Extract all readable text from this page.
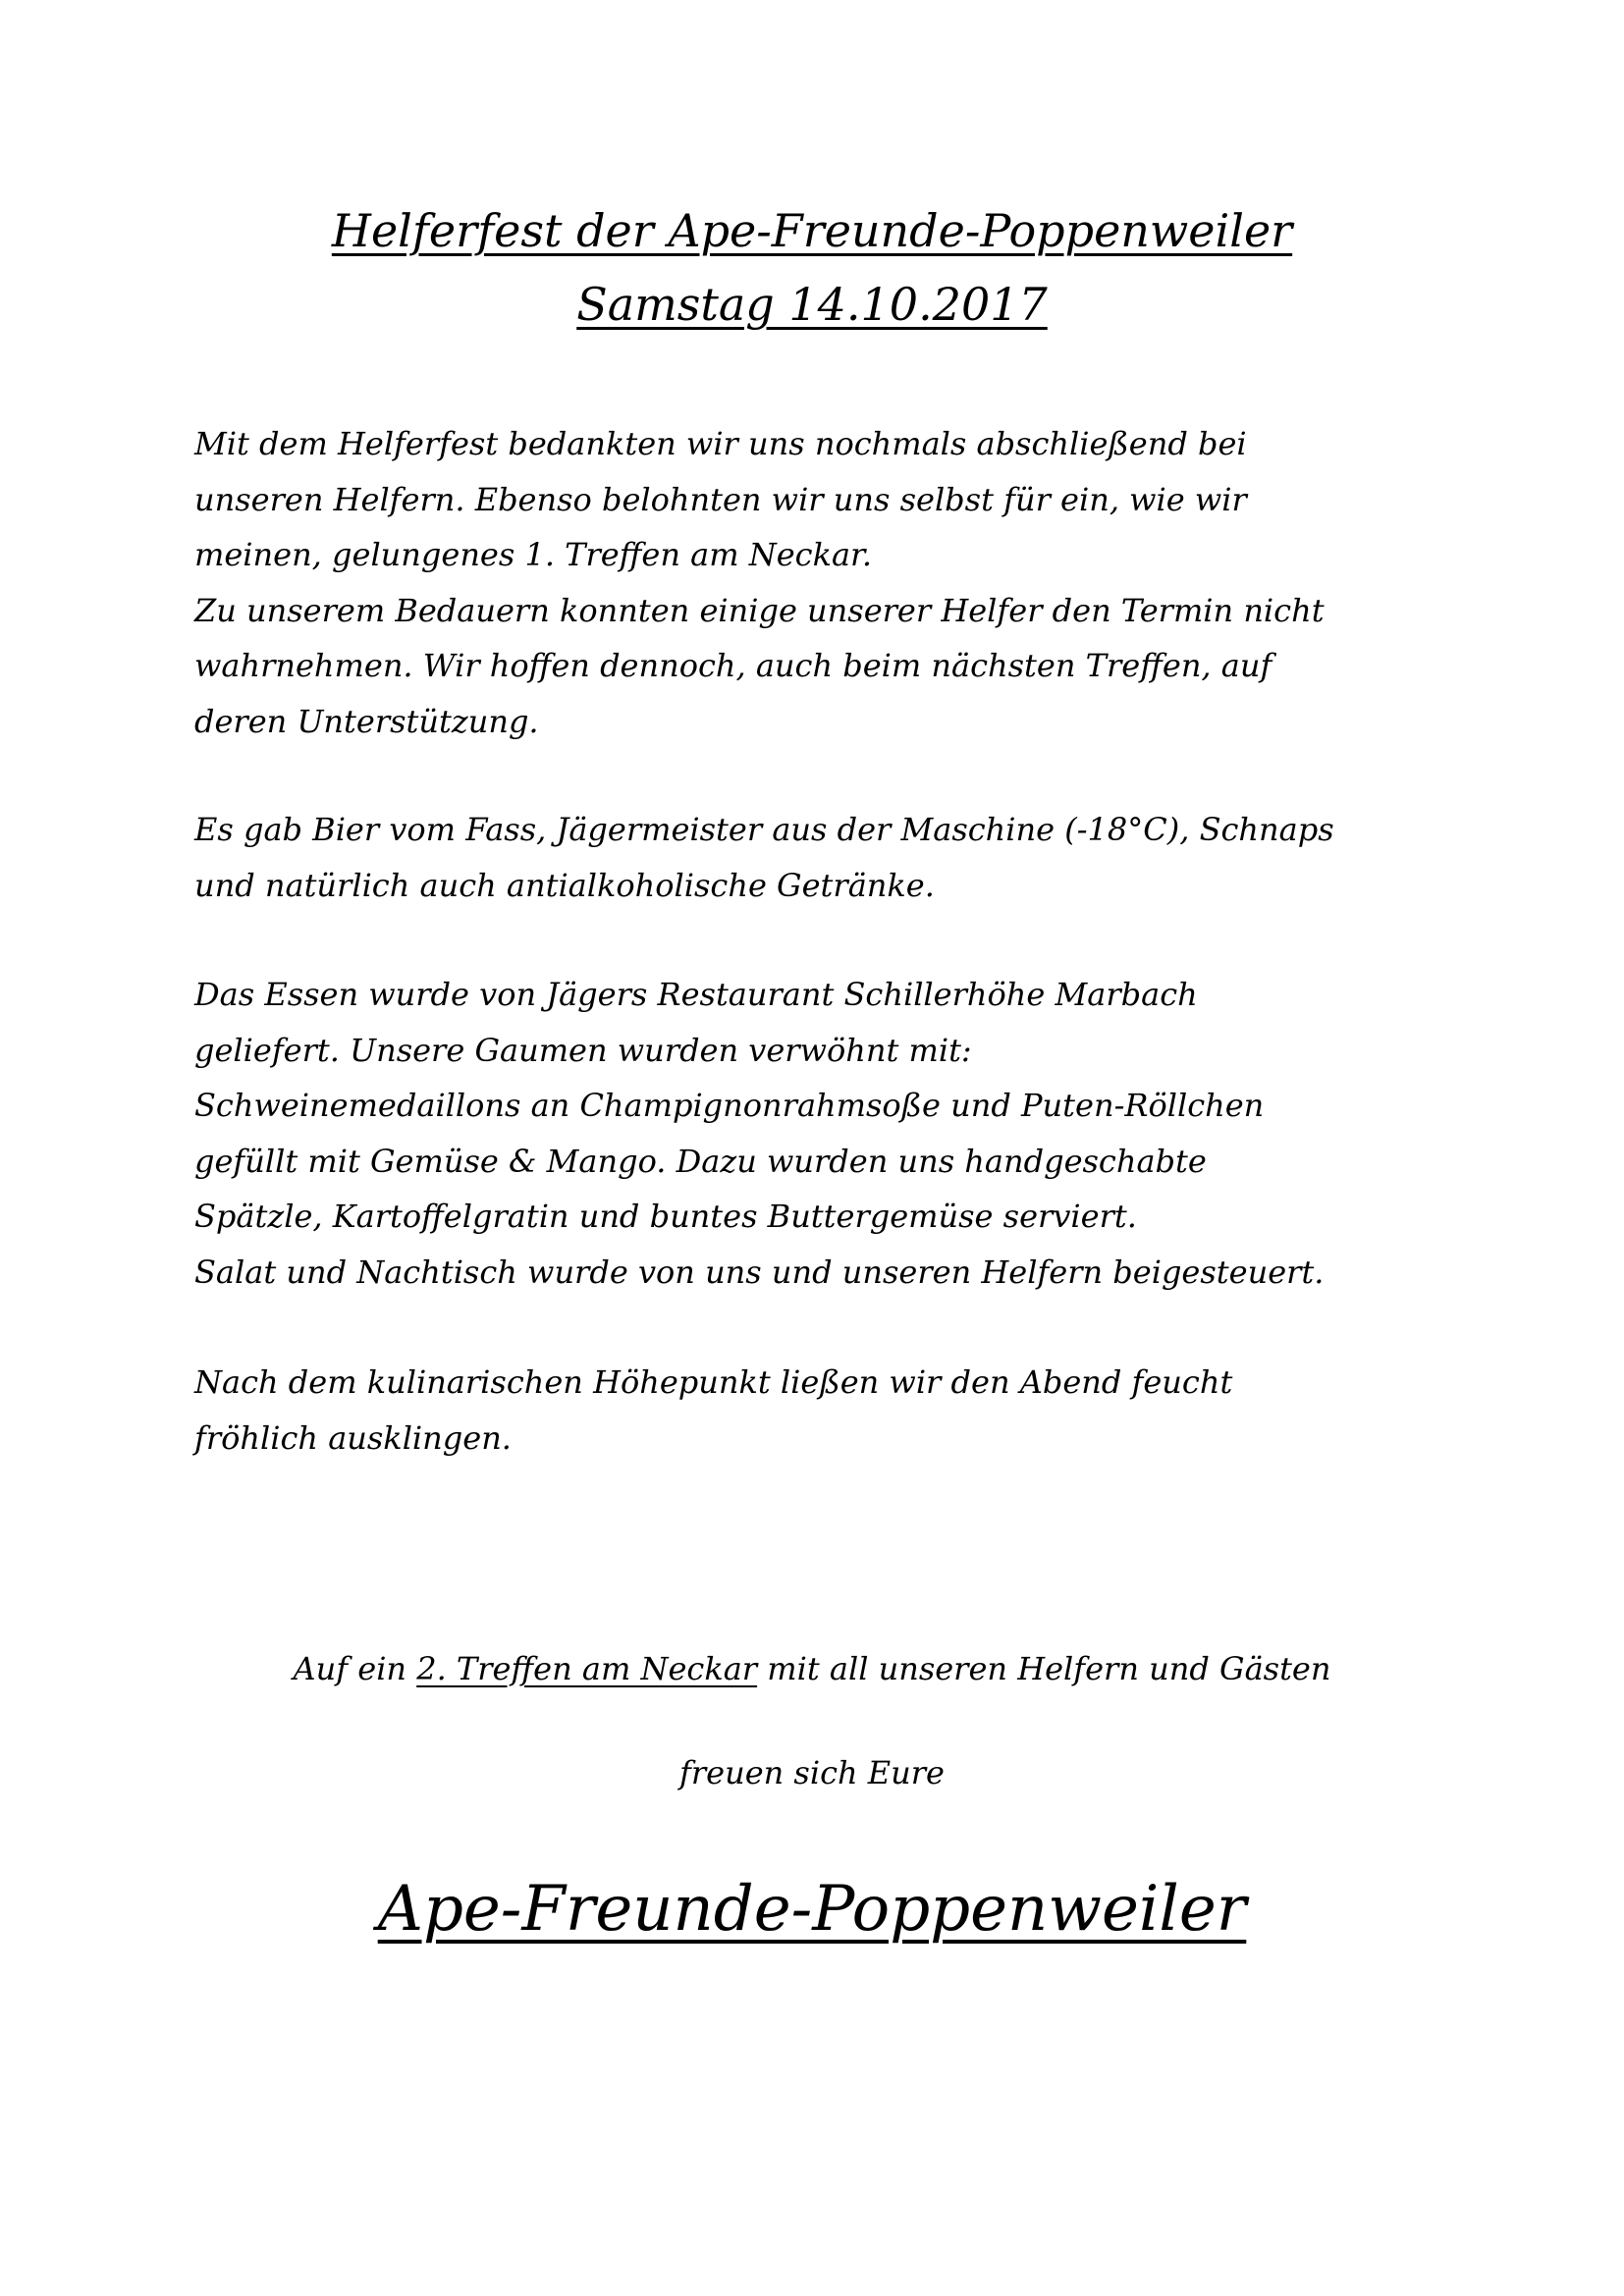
Helferfest der Ape-Freunde-Poppenweiler
Samstag 14.10.2017
Mit dem Helferfest bedankten wir uns nochmals abschließend bei
unseren Helfern. Ebenso belohnten wir uns selbst für ein, wie wir
meinen, gelungenes 1. Treffen am Neckar.
Zu unserem Bedauern konnten einige unserer Helfer den Termin nicht
wahrnehmen. Wir hoffen dennoch, auch beim nächsten Treffen, auf
deren Unterstützung.
Es gab Bier vom Fass, Jägermeister aus der Maschine (-18°C), Schnaps
und natürlich auch antialkoholische Getränke.
Das Essen wurde von Jägers Restaurant Schillerhöhe Marbach
geliefert. Unsere Gaumen wurden verwöhnt mit:
Schweinemedaillons an Champignonrahmsoße und Puten-Röllchen
gefüllt mit Gemüse & Mango. Dazu wurden uns handgeschabte
Spätzle, Kartoffelgratin und buntes Buttergemüse serviert.
Salat und Nachtisch wurde von uns und unseren Helfern beigesteuert.
Nach dem kulinarischen Höhepunkt ließen wir den Abend feucht
fröhlich ausklingen.
Auf ein 2. Treffen am Neckar mit all unseren Helfern und Gästen
freuen sich Eure
Ape-Freunde-Poppenweiler
